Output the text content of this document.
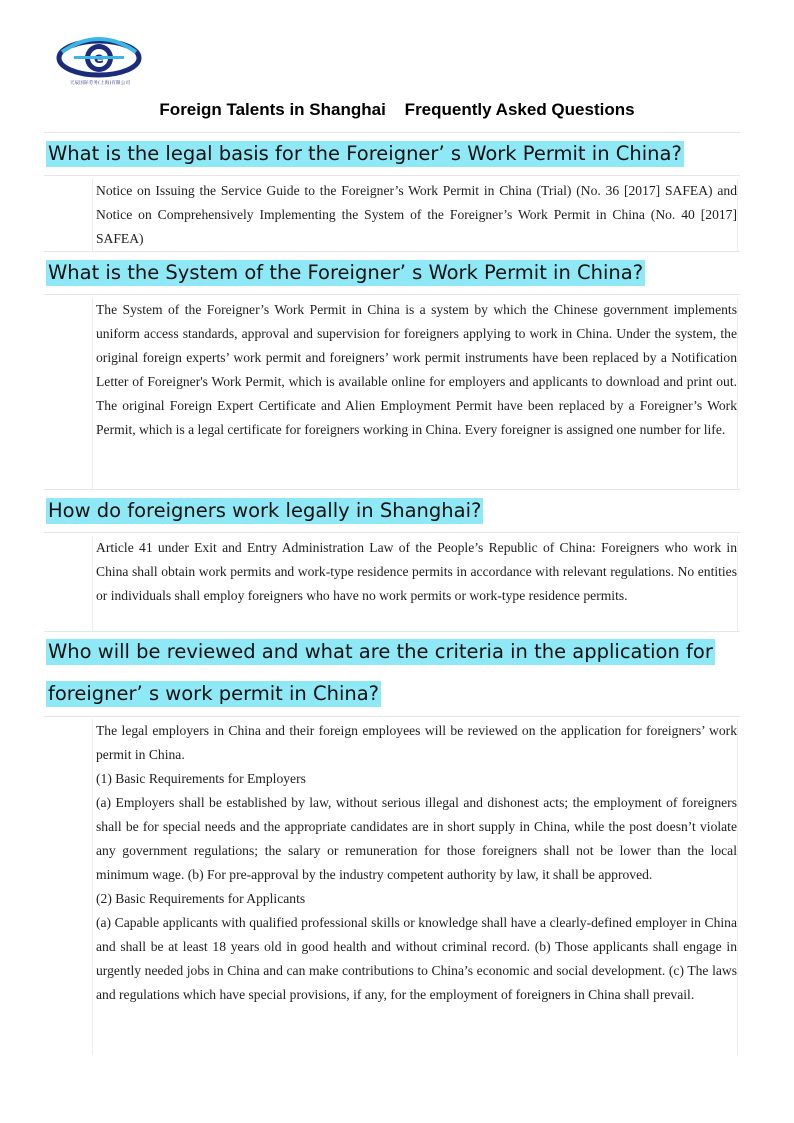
天辰国际劳务(上海)有限公司
Foreign Talents in Shanghai    Frequently Asked Questions
What is the legal basis for the Foreigner’ s Work Permit in China?

Notice on Issuing the Service Guide to the Foreigner’s Work Permit in China (Trial) (No. 36 [2017] SAFEA) and Notice on Comprehensively Implementing the System of the Foreigner’s Work Permit in China (No. 40 [2017] SAFEA)

What is the System of the Foreigner’ s Work Permit in China?

The System of the Foreigner’s Work Permit in China is a system by which the Chinese government implements uniform access standards, approval and supervision for foreigners applying to work in China. Under the system, the original foreign experts’ work permit and foreigners’ work permit instruments have been replaced by a Notification Letter of Foreigner's Work Permit, which is available online for employers and applicants to download and print out. The original Foreign Expert Certificate and Alien Employment Permit have been replaced by a Foreigner’s Work Permit, which is a legal certificate for foreigners working in China. Every foreigner is assigned one number for life.

How do foreigners work legally in Shanghai?

Article 41 under Exit and Entry Administration Law of the People’s Republic of China: Foreigners who work in China shall obtain work permits and work-type residence permits in accordance with relevant regulations. No entities or individuals shall employ foreigners who have no work permits or work-type residence permits.

Who will be reviewed and what are the criteria in the application for
foreigner’ s work permit in China?

The legal employers in China and their foreign employees will be reviewed on the application for foreigners’ work permit in China.

(1) Basic Requirements for Employers

(a) Employers shall be established by law, without serious illegal and dishonest acts; the employment of foreigners shall be for special needs and the appropriate candidates are in short supply in China, while the post doesn’t violate any government regulations; the salary or remuneration for those foreigners shall not be lower than the local minimum wage. (b) For pre-approval by the industry competent authority by law, it shall be approved.

(2) Basic Requirements for Applicants

(a) Capable applicants with qualified professional skills or knowledge shall have a clearly-defined employer in China and shall be at least 18 years old in good health and without criminal record. (b) Those applicants shall engage in urgently needed jobs in China and can make contributions to China’s economic and social development. (c) The laws and regulations which have special provisions, if any, for the employment of foreigners in China shall prevail.
